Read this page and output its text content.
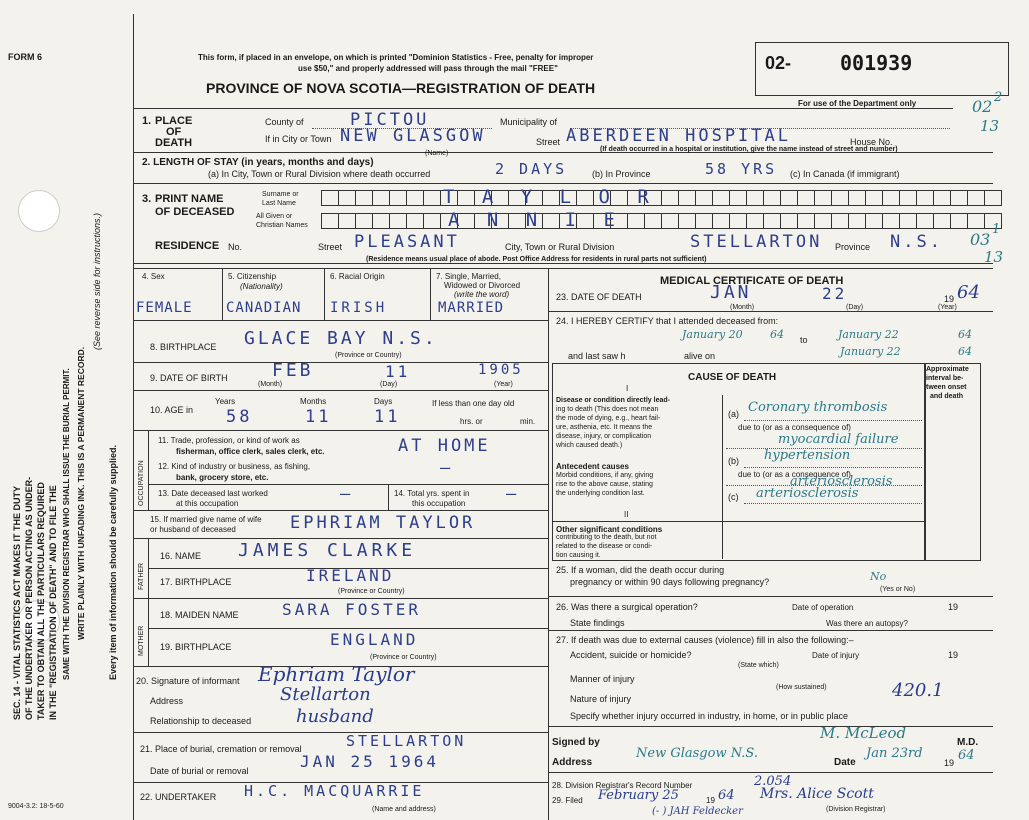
SEC. 14 - VITAL STATISTICS ACT MAKES IT THE DUTY OF THE UNDERTAKER OR PERSON ACTING AS UNDER- TAKER TO OBTAIN ALL THE PARTICULARS REQUIRED IN THE "REGISTRATION OF DEATH" AND TO FILE THE SAME WITH THE DIVISION REGISTRAR WHO SHALL ISSUE THE BURIAL PERMIT. WRITE PLAINLY WITH UNFADING INK. THIS IS A PERMANENT RECORD.
(See reverse side for instructions.)
Every item of information should be carefully supplied.
FORM 6	This form, if placed in an envelope, on which is printed "Dominion Statistics - Free, penalty for improper
use $50," and properly addressed will pass through the mail "FREE"
PROVINCE OF NOVA SCOTIA—REGISTRATION OF DEATH
02- 001939
For use of the Department only	02 2
13
9004-3.2: 18-5-60
1. PLACE
OF
DEATH
County of	PICTOU	Municipality of
If in City or Town NEW GLASGOW
(Name)
Street ABERDEEN HOSPITAL	House No.
(If death occurred in a hospital or institution, give the name instead of street and number)
2. LENGTH OF STAY (in years, months and days)
(a) In City, Town or Rural Division where death occurred	2 DAYS	(b) In Province	58 YRS (c) In Canada (if immigrant)
3. PRINT NAME
OF DECEASED
Surname or
Last Name	T A Y L O R
All Given or
Christian Names	A N N I E
RESIDENCE No.	Street PLEASANT	City, Town or Rural Division	STELLARTON Province N.S.
(Residence means usual place of abode. Post Office Address for residents in rural parts not sufficient)
03
1
13
4. Sex	5. Citizenship
(Nationality)
6. Racial Origin	7. Single, Married,
Widowed or Divorced
(write the word)
FEMALE CANADIAN IRISH	MARRIED
8. BIRTHPLACE GLACE BAY N.S.
(Province or Country)
9. DATE OF BIRTH FEB	11	1905
(Month)	(Day)	(Year)
10. AGE in
Years	Months	Days
58	11	11
If less than one day old
hrs. or	min.
OCCUPATION
11. Trade, profession, or kind of work as
fisherman, office clerk, sales clerk, etc.	AT HOME
12. Kind of industry or business, as fishing,
bank, grocery store, etc.	—
13. Date deceased last worked
at this occupation	—	14. Total yrs. spent in
this occupation —
15. If married give name of wife
or husband of deceased	EPHRIAM TAYLOR
FATHER
16. NAME JAMES CLARKE
17. BIRTHPLACE	IRELAND
(Province or Country)
MOTHER
18. MAIDEN NAME	SARA FOSTER
19. BIRTHPLACE	ENGLAND
(Province or Country)
20. Signature of informant Ephriam Taylor
Address	Stellarton
Relationship to deceased husband
21. Place of burial, cremation or removal	STELLARTON
Date of burial or removal	JAN 25 1964
22. UNDERTAKER H.C. MACQUARRIE
(Name and address)
MEDICAL CERTIFICATE OF DEATH
23. DATE OF DEATH	JAN	22	19 64
(Month)	(Day)	(Year)
24. I HEREBY CERTIFY that I attended deceased from:
January 20 64 to	January 22	64
and last saw h	alive on	January 22	64
CAUSE OF DEATH
I
Approximate
interval be-
tween onset
and death
Disease or condition directly lead-
ing to death (This does not mean
the mode of dying, e.g., heart fail-
ure, asthenia, etc. It means the
disease, injury, or complication
which caused death.)
(a) Coronary thrombosis
due to (or as a consequence of)
myocardial failure
Antecedent causes
Morbid conditions, if any, giving
rise to the above cause, stating
the underlying condition last.
(b) hypertension
due to (or as a consequence of)
arteriosclerosis
(c) arteriosclerosis
II
Other significant conditions
contributing to the death, but not
related to the disease or condi-
tion causing it.
25. If a woman, did the death occur during
pregnancy or within 90 days following pregnancy?	No
(Yes or No)
26. Was there a surgical operation?	Date of operation	19
State findings	Was there an autopsy?
27. If death was due to external causes (violence) fill in also the following:–
Accident, suicide or homicide?	Date of injury	19
(State which)
Manner of injury
(How sustained)
Nature of injury	420.1
Specify whether injury occurred in industry, in home, or in public place
Signed by
M. McLeod
M.D.
Address
New Glasgow N.S.
Date
Jan 23rd
19 64
28. Division Registrar's Record Number	2.054
29. Filed February 25	19 64 Mrs. Alice Scott
(Division Registrar)
(- ) JAH Feldecker
